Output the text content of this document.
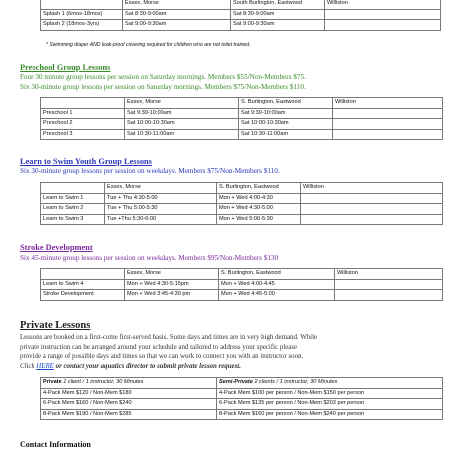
	Essex, Morse	South Burlington, Eastwood	Williston
Splash 1 (6mos-18mos)	Sat 8:30-9:00am	Sat 8:30-9:00am	
Splash 2 (18mos-3yrs)	Sat 9:00-9:30am	Sat 9:00-9:30am	
* Swimming diaper AND leak-proof covering required for children who are not toilet trained.
Preschool Group Lessons
Four 30 minute group lessons per session on Saturday mornings. Members $55/Non-Members $75.
Six 30-minute group lessons per session on Saturday mornings. Members $75/Non-Members $110.
	Essex, Morse	S. Burlington, Eastwood	Williston
Preschool 1	Sat 9:30-10:00am	Sat 9:30-10:00am	
Preschool 2	Sat 10:00-10:30am	Sat 10:00-10:30am	
Preschool 3	Sat 10:30-11:00am	Sat 10:30-11:00am	
Learn to Swim Youth Group Lessons
Six 30-minute group lessons per session on weekdays. Members $75/Non-Members $110.
	Essex, Morse	S. Burlington, Eastwood	Williston
Learn to Swim 1	Tue + Thu 4:30-5:00	Mon + Wed 4:00-4:30	
Learn to Swim 2	Tue + Thu 5:00-5:30	Mon + Wed 4:30-5:00	
Learn to Swim 3	Tue +Thu 5:30-6:00	Mon + Wed 5:00-5:30	
Stroke Development
Six 45-minute group lessons per session on weekdays. Members $95/Non-Members $130
	Essex, Morse	S. Burlington, Eastwood	Williston
Learn to Swim 4	Mon + Wed 4:30-5:15pm	Mon + Wed 4:00-4:45	
Stroke Development	Mon + Wed 3:45-4:30 pm	Mon + Wed 4:45-5:00	
Private Lessons
Lessons are booked on a first-come first-served basis. Some days and times are in very high demand. While
private instruction can be arranged around your schedule and tailored to address your specific please
provide a range of possible days and times so that we can work to connect you with an instructor soon.
Click HERE or contact your aquatics director to submit private lesson request.
Private 1 client / 1 instructor, 30 Minutes	Semi-Private 2 clients / 1 instructor, 30 Minutes
4-Pack Mem $120 / Non-Mem $180	4-Pack Mem $100 per person / Non-Mem $150 per person
6-Pack Mem $160 / Non-Mem $240	6-Pack Mem $135 per person / Non-Mem $203 per person
8-Pack Mem $190 / Non-Mem $285	8-Pack Mem $160 per person / Non-Mem $240 per person
Contact Information
